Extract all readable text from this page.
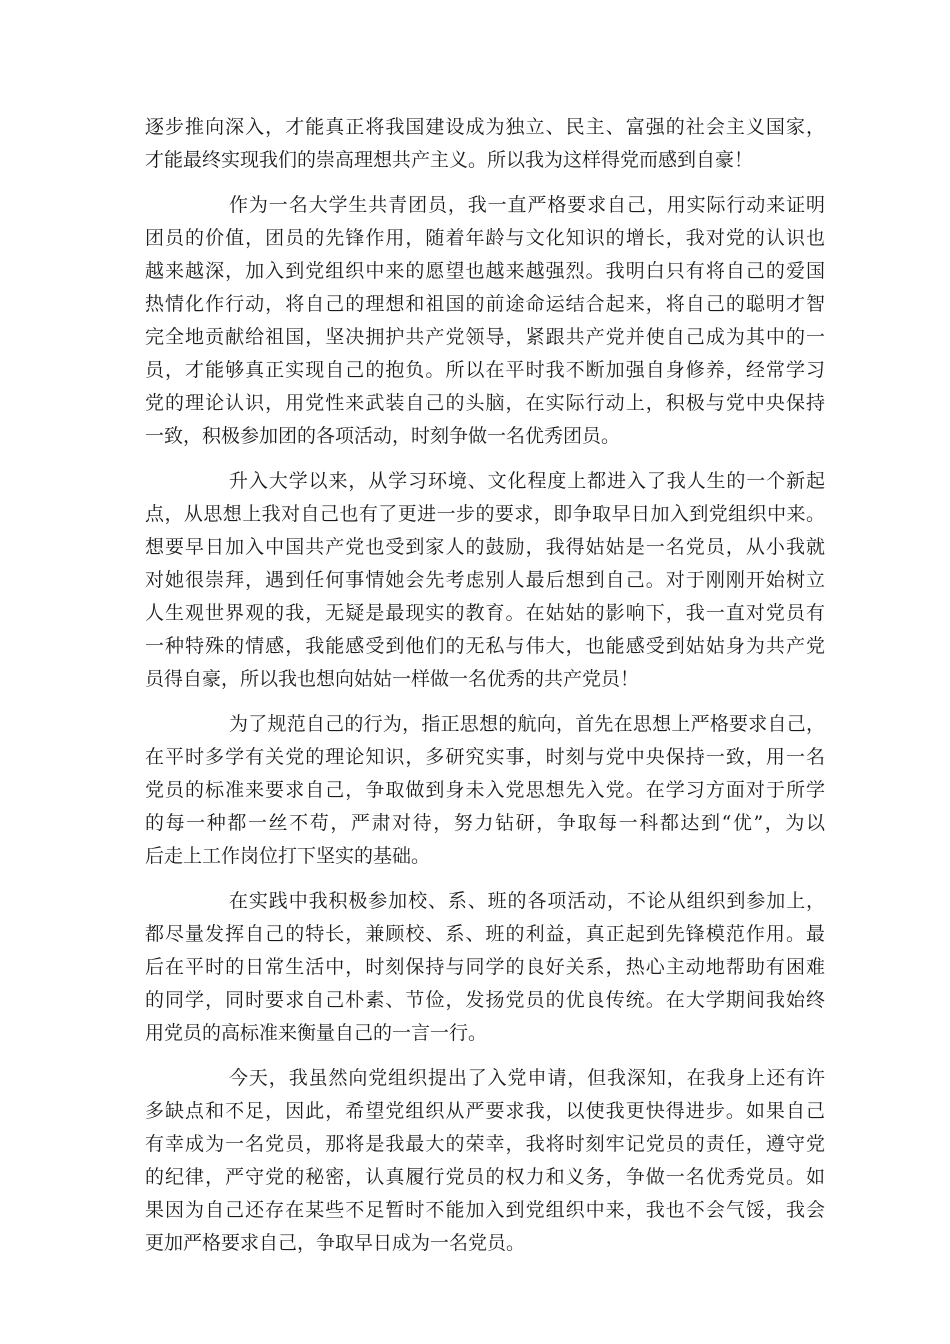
逐步推向深入，才能真正将我国建设成为独立、民主、富强的社会主义国家，
才能最终实现我们的崇高理想共产主义。所以我为这样得党而感到自豪！
作为一名大学生共青团员，我一直严格要求自己，用实际行动来证明
团员的价值，团员的先锋作用，随着年龄与文化知识的增长，我对党的认识也
越来越深，加入到党组织中来的愿望也越来越强烈。我明白只有将自己的爱国
热情化作行动，将自己的理想和祖国的前途命运结合起来，将自己的聪明才智
完全地贡献给祖国，坚决拥护共产党领导，紧跟共产党并使自己成为其中的一
员，才能够真正实现自己的抱负。所以在平时我不断加强自身修养，经常学习
党的理论认识，用党性来武装自己的头脑，在实际行动上，积极与党中央保持
一致，积极参加团的各项活动，时刻争做一名优秀团员。
升入大学以来，从学习环境、文化程度上都进入了我人生的一个新起
点，从思想上我对自己也有了更进一步的要求，即争取早日加入到党组织中来。
想要早日加入中国共产党也受到家人的鼓励，我得姑姑是一名党员，从小我就
对她很崇拜，遇到任何事情她会先考虑别人最后想到自己。对于刚刚开始树立
人生观世界观的我，无疑是最现实的教育。在姑姑的影响下，我一直对党员有
一种特殊的情感，我能感受到他们的无私与伟大，也能感受到姑姑身为共产党
员得自豪，所以我也想向姑姑一样做一名优秀的共产党员！
为了规范自己的行为，指正思想的航向，首先在思想上严格要求自己，
在平时多学有关党的理论知识，多研究实事，时刻与党中央保持一致，用一名
党员的标准来要求自己，争取做到身未入党思想先入党。在学习方面对于所学
的每一种都一丝不苟，严肃对待，努力钻研，争取每一科都达到“优”，为以
后走上工作岗位打下坚实的基础。
在实践中我积极参加校、系、班的各项活动，不论从组织到参加上，
都尽量发挥自己的特长，兼顾校、系、班的利益，真正起到先锋模范作用。最
后在平时的日常生活中，时刻保持与同学的良好关系，热心主动地帮助有困难
的同学，同时要求自己朴素、节俭，发扬党员的优良传统。在大学期间我始终
用党员的高标准来衡量自己的一言一行。
今天，我虽然向党组织提出了入党申请，但我深知，在我身上还有许
多缺点和不足，因此，希望党组织从严要求我，以使我更快得进步。如果自己
有幸成为一名党员，那将是我最大的荣幸，我将时刻牢记党员的责任，遵守党
的纪律，严守党的秘密，认真履行党员的权力和义务，争做一名优秀党员。如
果因为自己还存在某些不足暂时不能加入到党组织中来，我也不会气馁，我会
更加严格要求自己，争取早日成为一名党员。
